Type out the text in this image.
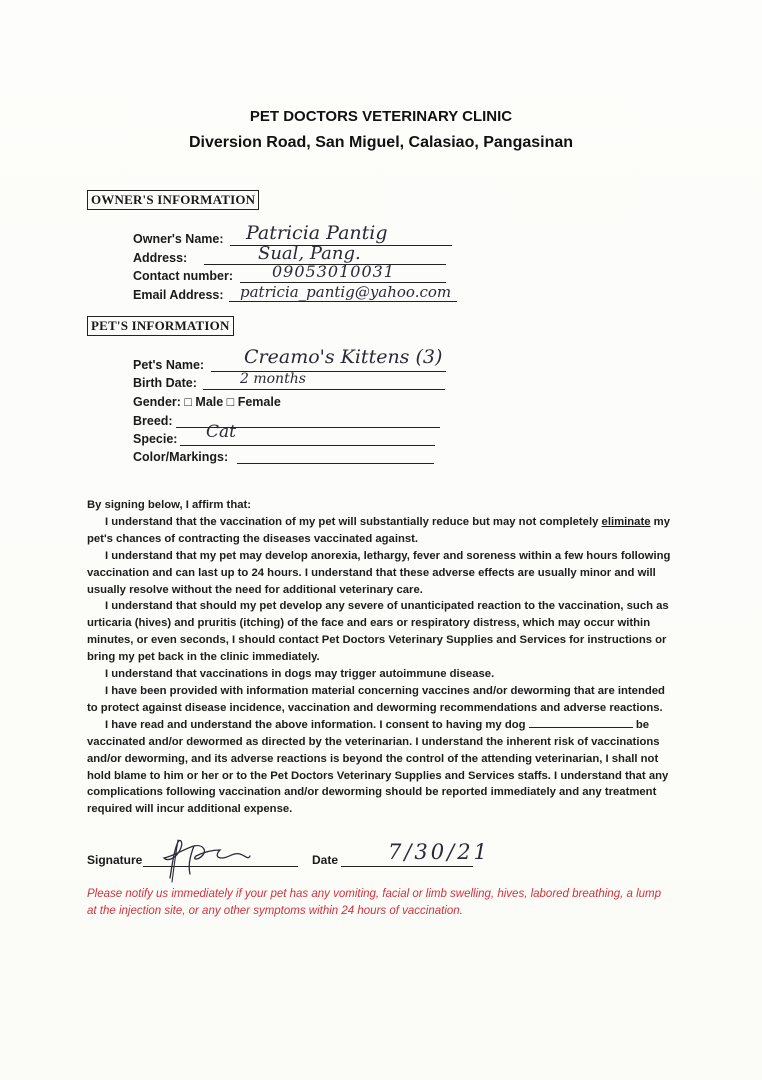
PET DOCTORS VETERINARY CLINIC
Diversion Road, San Miguel, Calasiao, Pangasinan
OWNER'S INFORMATION
Owner's Name: Patricia Pantig
Address:	Sual, Pang.
Contact number: 09053010031
Email Address: patricia_pantig@yahoo.com
PET'S INFORMATION
Pet's Name: Creamo's Kittens (3)
Birth Date:	2 months
Gender: □ Male □ Female
Breed:
Specie: Cat
Color/Markings:

By signing below, I affirm that:

I understand that the vaccination of my pet will substantially reduce but may not completely eliminate my pet's chances of contracting the diseases vaccinated against.

I understand that my pet may develop anorexia, lethargy, fever and soreness within a few hours following vaccination and can last up to 24 hours. I understand that these adverse effects are usually minor and will usually resolve without the need for additional veterinary care.

I understand that should my pet develop any severe of unanticipated reaction to the vaccination, such as urticaria (hives) and pruritis (itching) of the face and ears or respiratory distress, which may occur within minutes, or even seconds, I should contact Pet Doctors Veterinary Supplies and Services for instructions or bring my pet back in the clinic immediately.

I understand that vaccinations in dogs may trigger autoimmune disease.

I have been provided with information material concerning vaccines and/or deworming that are intended to protect against disease incidence, vaccination and deworming recommendations and adverse reactions.

I have read and understand the above information. I consent to having my dog	be vaccinated and/or dewormed as directed by the veterinarian. I understand the inherent risk of vaccinations and/or deworming, and its adverse reactions is beyond the control of the attending veterinarian, I shall not hold blame to him or her or to the Pet Doctors Veterinary Supplies and Services staffs. I understand that any complications following vaccination and/or deworming should be reported immediately and any treatment required will incur additional expense.

Signature	Date 7/30/21
Please notify us immediately if your pet has any vomiting, facial or limb swelling, hives, labored breathing, a lump at the injection site, or any other symptoms within 24 hours of vaccination.
